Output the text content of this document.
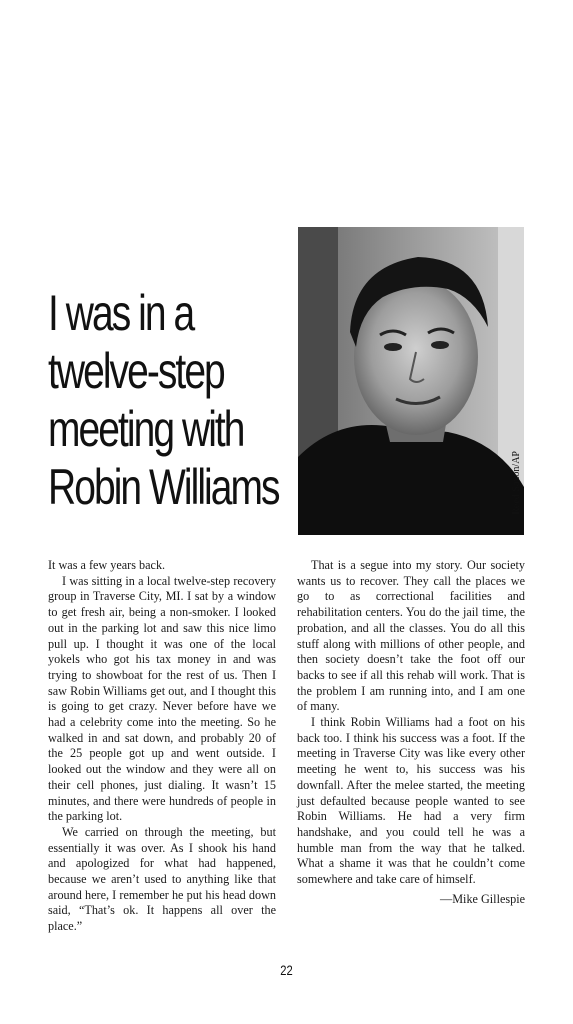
I was in a
twelve-step
meeting with
Robin Williams	Reed Saxon/AP

It was a few years back.

I was sitting in a local twelve-step recovery group in Traverse City, MI. I sat by a window to get fresh air, being a non-smoker. I looked out in the parking lot and saw this nice limo pull up. I thought it was one of the local yokels who got his tax money in and was trying to showboat for the rest of us. Then I saw Robin Williams get out, and I thought this is going to get crazy. Never before have we had a celebrity come into the meeting. So he walked in and sat down, and probably 20 of the 25 people got up and went outside. I looked out the window and they were all on their cell phones, just dialing. It wasn’t 15 minutes, and there were hundreds of people in the parking lot.

We carried on through the meeting, but essentially it was over. As I shook his hand and apologized for what had happened, because we aren’t used to anything like that around here, I remember he put his head down said, “That’s ok. It happens all over the place.”

That is a segue into my story. Our society wants us to recover. They call the places we go to as correctional facilities and rehabilitation centers. You do the jail time, the probation, and all the classes. You do all this stuff along with millions of other people, and then society doesn’t take the foot off our backs to see if all this rehab will work. That is the problem I am running into, and I am one of many.

I think Robin Williams had a foot on his back too. I think his success was a foot. If the meeting in Traverse City was like every other meeting he went to, his success was his downfall. After the melee started, the meeting just defaulted because people wanted to see Robin Williams. He had a very firm handshake, and you could tell he was a humble man from the way that he talked. What a shame it was that he couldn’t come somewhere and take care of himself.

—Mike Gillespie

22
